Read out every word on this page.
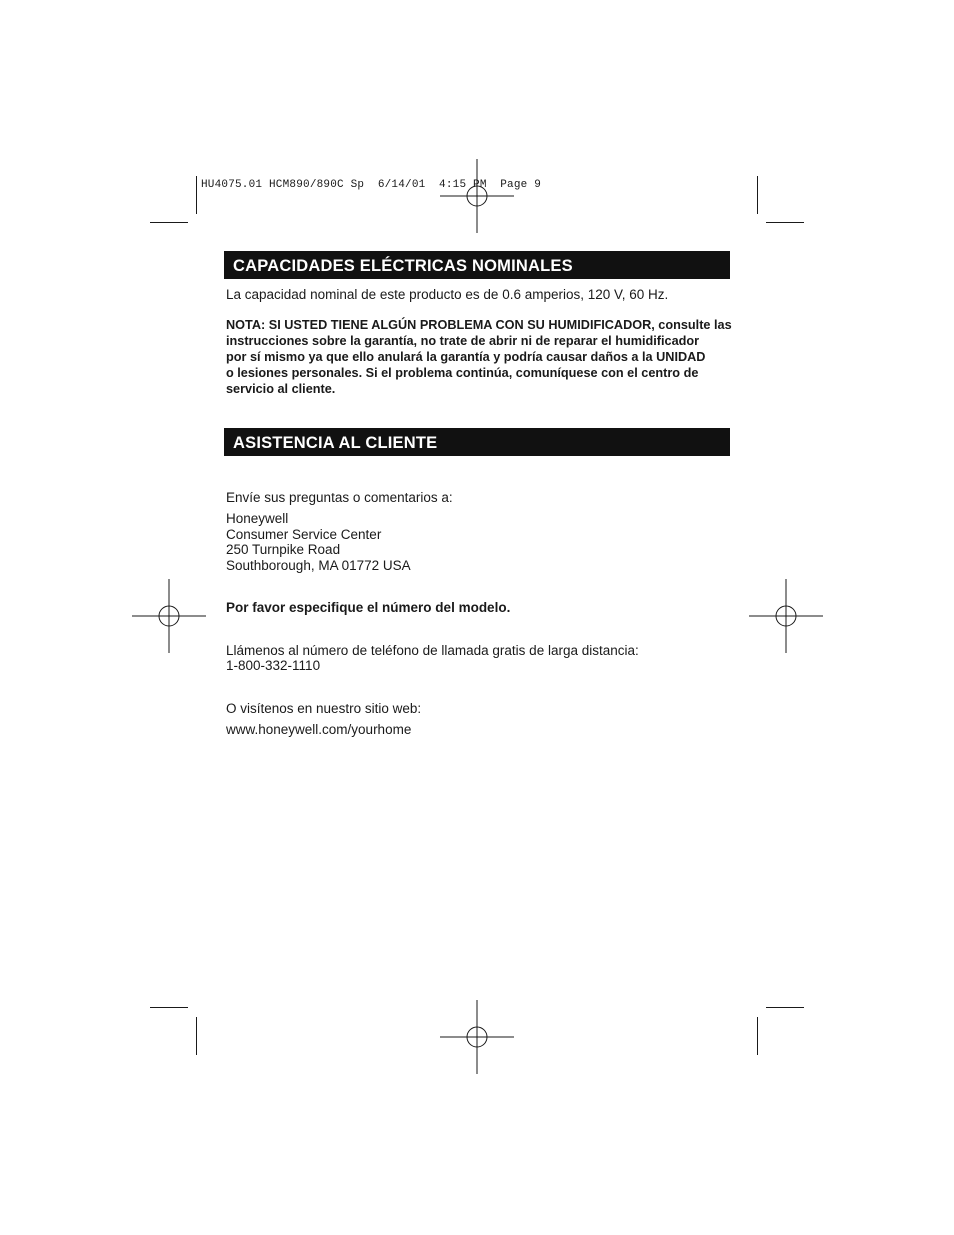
HU4075.01 HCM890/890C Sp  6/14/01  4:15 PM  Page 9
CAPACIDADES ELÉCTRICAS NOMINALES
La capacidad nominal de este producto es de 0.6 amperios, 120 V, 60 Hz.
NOTA: SI USTED TIENE ALGÚN PROBLEMA CON SU HUMIDIFICADOR, consulte las
instrucciones sobre la garantía, no trate de abrir ni de reparar el humidificador
por sí mismo ya que ello anulará la garantía y podría causar daños a la UNIDAD
o lesiones personales. Si el problema continúa, comuníquese con el centro de
servicio al cliente.
ASISTENCIA AL CLIENTE
Envíe sus preguntas o comentarios a:
Honeywell
Consumer Service Center
250 Turnpike Road
Southborough, MA 01772 USA
Por favor especifique el número del modelo.
Llámenos al número de teléfono de llamada gratis de larga distancia:
1-800-332-1110
O visítenos en nuestro sitio web:
www.honeywell.com/yourhome
